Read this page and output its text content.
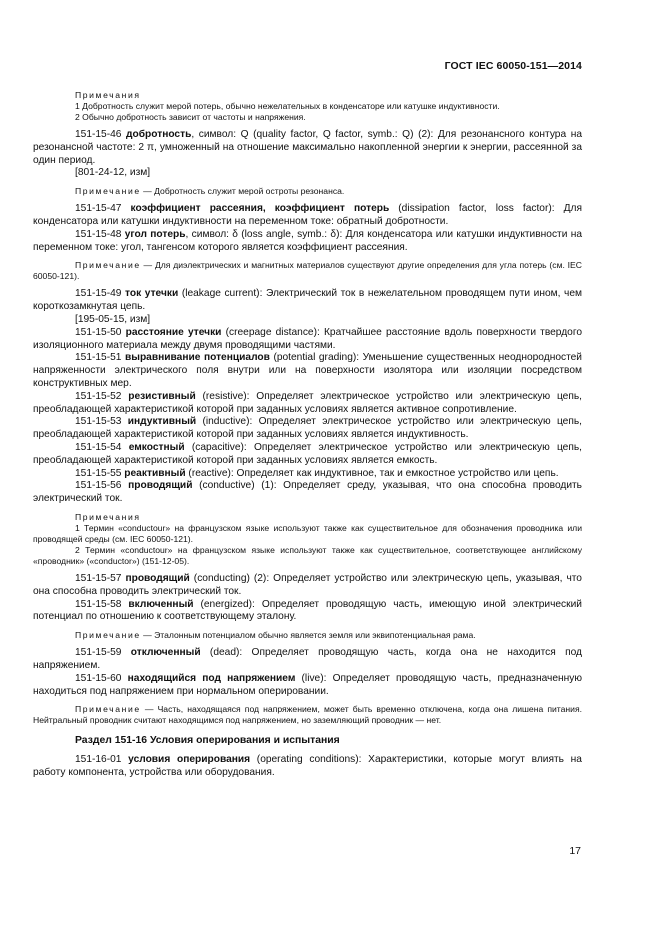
ГОСТ IEC 60050-151—2014

Примечания

1 Добротность служит мерой потерь, обычно нежелательных в конденсаторе или катушке индуктивности.

2 Обычно добротность зависит от частоты и напряжения.

151-15-46 добротность, символ: Q (quality factor, Q factor, symb.: Q) (2): Для резонансного контура на резонансной частоте: 2 π, умноженный на отношение максимально накопленной энергии к энергии, рассеянной за один период.

[801-24-12, изм]

Примечание — Добротность служит мерой остроты резонанса.

151-15-47 коэффициент рассеяния, коэффициент потерь (dissipation factor, loss factor): Для конденсатора или катушки индуктивности на переменном токе: обратный добротности.

151-15-48 угол потерь, символ: δ (loss angle, symb.: δ): Для конденсатора или катушки индуктивности на переменном токе: угол, тангенсом которого является коэффициент рассеяния.

Примечание — Для диэлектрических и магнитных материалов существуют другие определения для угла потерь (см. IEC 60050-121).

151-15-49 ток утечки (leakage current): Электрический ток в нежелательном проводящем пути ином, чем короткозамкнутая цепь.

[195-05-15, изм]

151-15-50 расстояние утечки (creepage distance): Кратчайшее расстояние вдоль поверхности твердого изоляционного материала между двумя проводящими частями.

151-15-51 выравнивание потенциалов (potential grading): Уменьшение существенных неоднородностей напряженности электрического поля внутри или на поверхности изолятора или изоляции посредством конструктивных мер.

151-15-52 резистивный (resistive): Определяет электрическое устройство или электрическую цепь, преобладающей характеристикой которой при заданных условиях является активное сопротивление.

151-15-53 индуктивный (inductive): Определяет электрическое устройство или электрическую цепь, преобладающей характеристикой которой при заданных условиях является индуктивность.

151-15-54 емкостный (capacitive): Определяет электрическое устройство или электрическую цепь, преобладающей характеристикой которой при заданных условиях является емкость.

151-15-55 реактивный (reactive): Определяет как индуктивное, так и емкостное устройство или цепь.

151-15-56 проводящий (conductive) (1): Определяет среду, указывая, что она способна проводить электрический ток.

Примечания

1 Термин «conductour» на французском языке используют также как существительное для обозначения проводника или проводящей среды (см. IEC 60050-121).

2 Термин «conductour» на французском языке используют также как существительное, соответствующее английскому «проводник» («conductor») (151-12-05).

151-15-57 проводящий (conducting) (2): Определяет устройство или электрическую цепь, указывая, что она способна проводить электрический ток.

151-15-58 включенный (energized): Определяет проводящую часть, имеющую иной электрический потенциал по отношению к соответствующему эталону.

Примечание — Эталонным потенциалом обычно является земля или эквипотенциальная рама.

151-15-59 отключенный (dead): Определяет проводящую часть, когда она не находится под напряжением.

151-15-60 находящийся под напряжением (live): Определяет проводящую часть, предназначенную находиться под напряжением при нормальном оперировании.

Примечание — Часть, находящаяся под напряжением, может быть временно отключена, когда она лишена питания. Нейтральный проводник считают находящимся под напряжением, но заземляющий проводник — нет.

Раздел 151-16 Условия оперирования и испытания

151-16-01 условия оперирования (operating conditions): Характеристики, которые могут влиять на работу компонента, устройства или оборудования.

17
